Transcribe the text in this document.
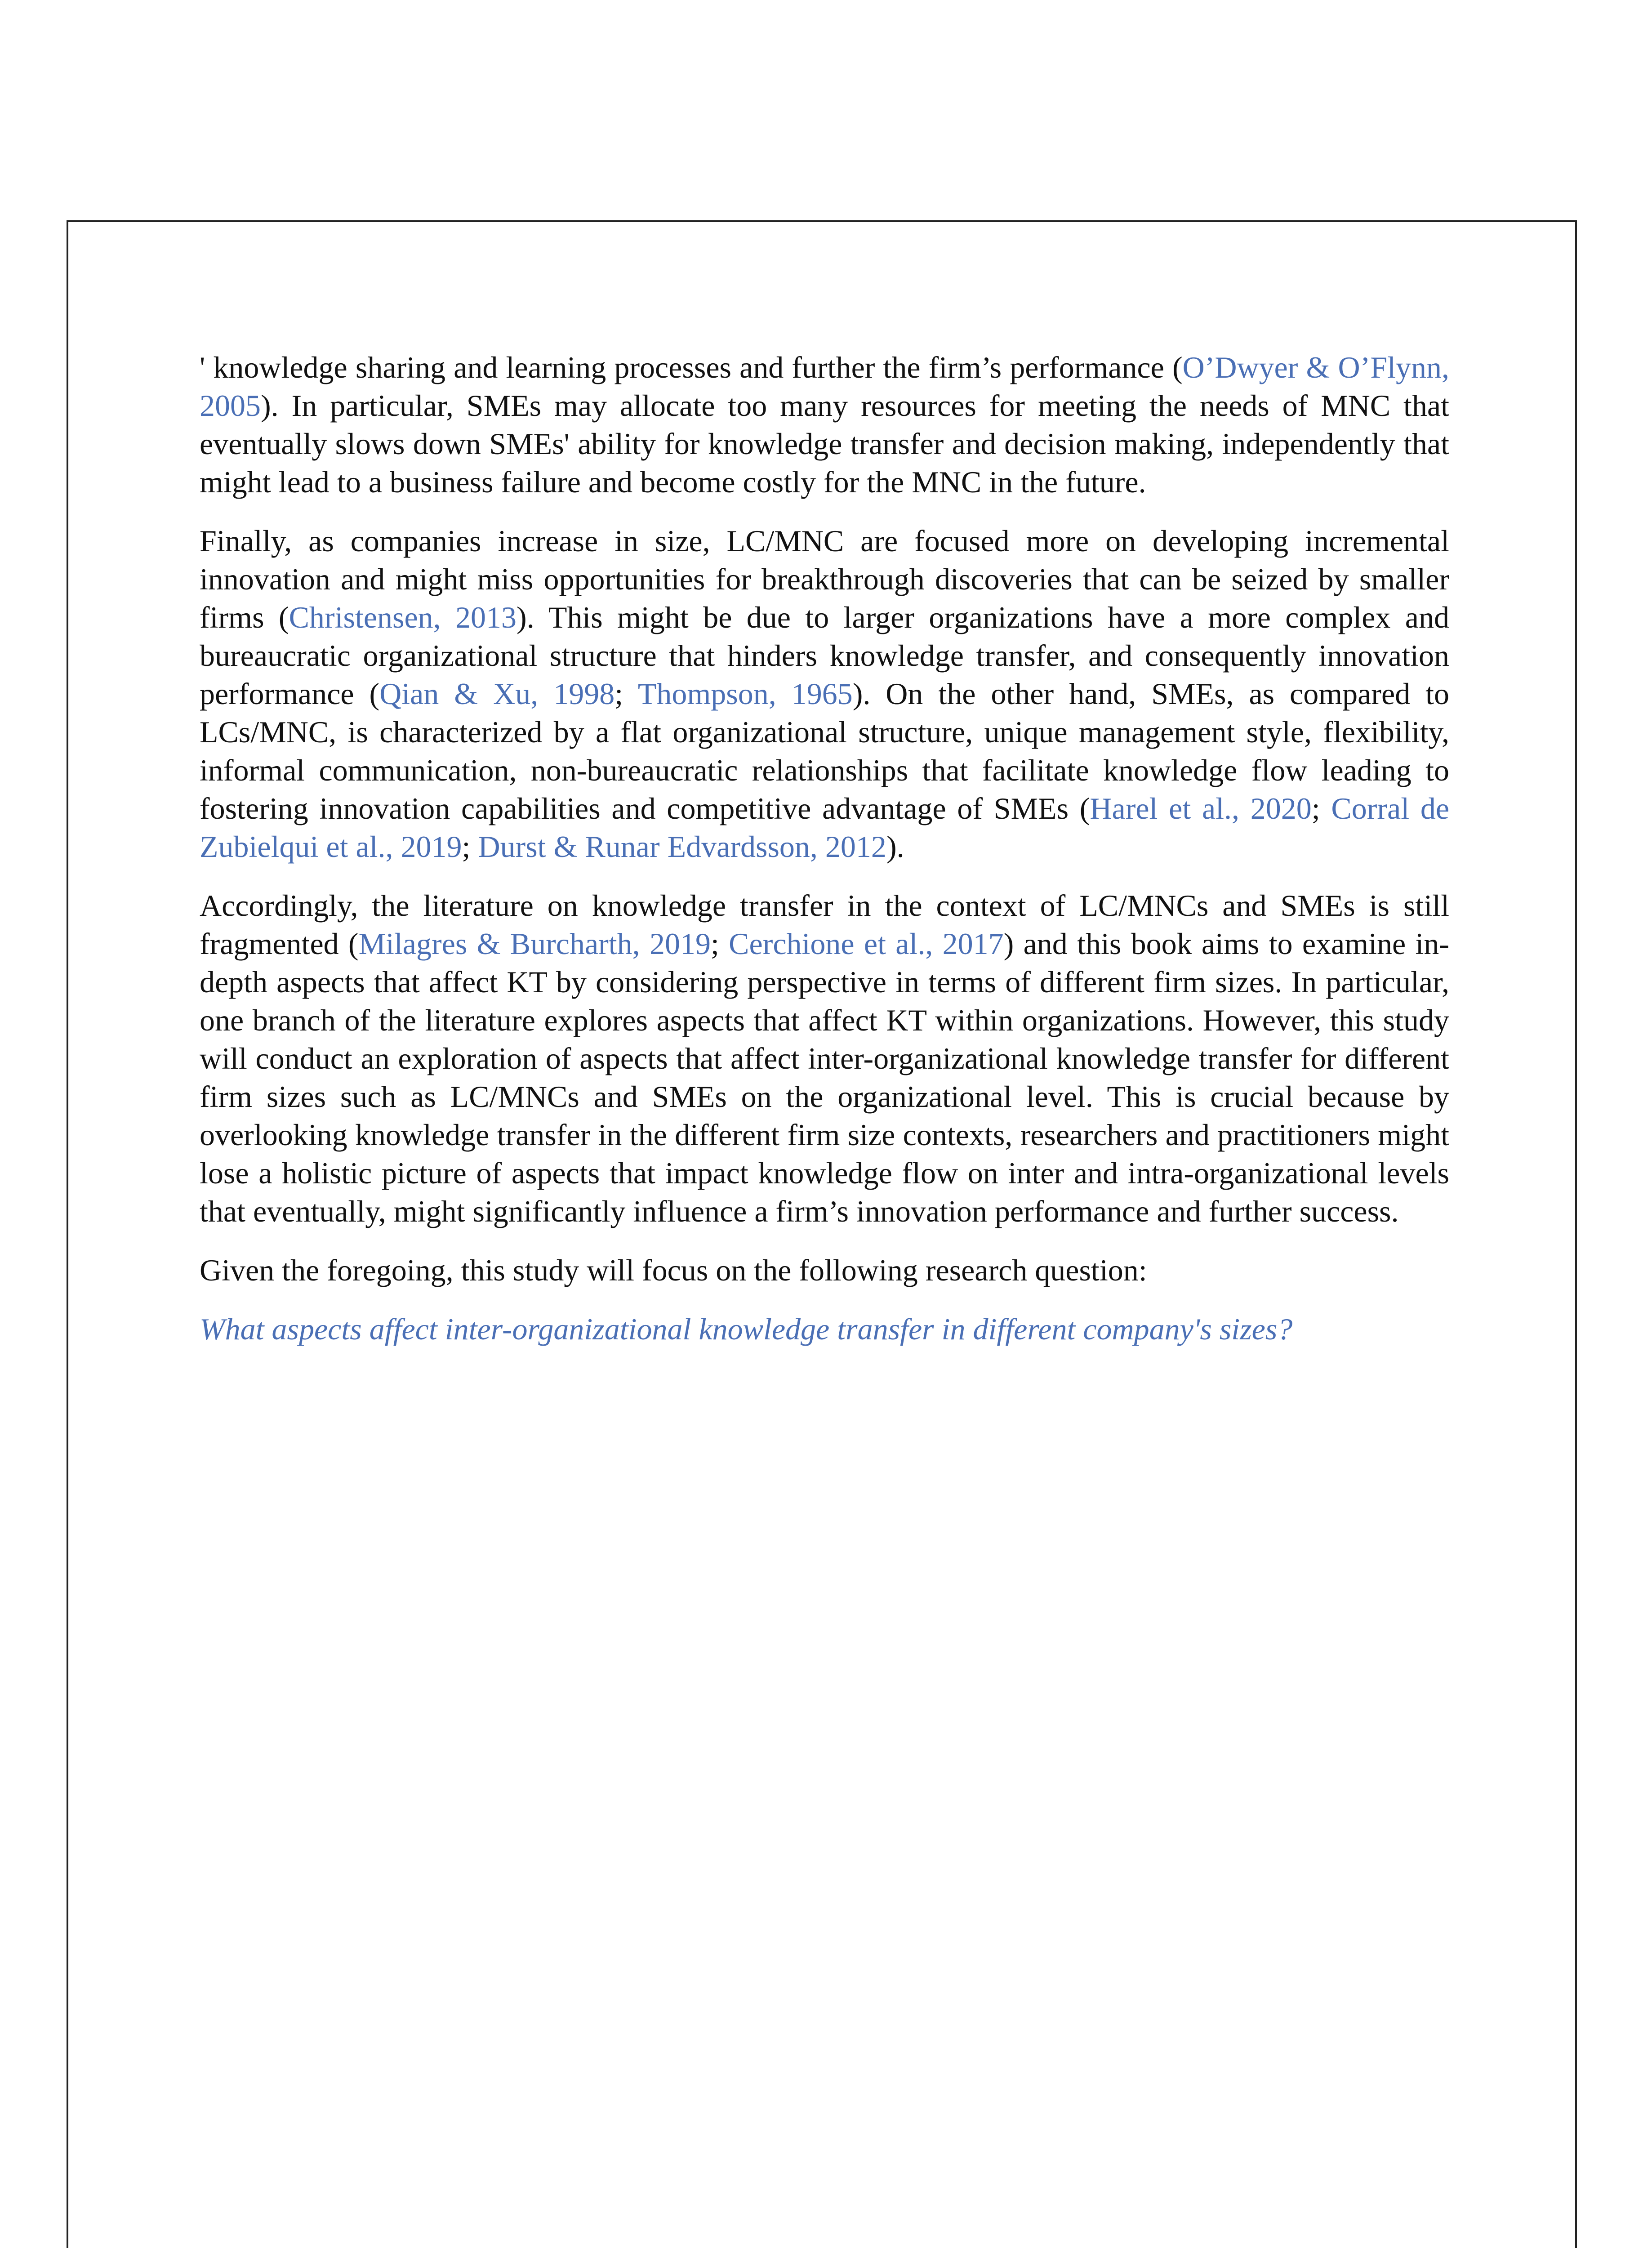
' knowledge sharing and learning processes and further the firm’s performance (O’Dwyer & O’Flynn, 2005). In particular, SMEs may allocate too many resources for meeting the needs of MNC that eventually slows down SMEs' ability for knowledge transfer and decision making, independently that might lead to a business failure and become costly for the MNC in the future.

Finally, as companies increase in size, LC/MNC are focused more on developing incremental innovation and might miss opportunities for breakthrough discoveries that can be seized by smaller firms (Christensen, 2013). This might be due to larger organizations have a more complex and bureaucratic organizational structure that hinders knowledge transfer, and consequently innovation performance (Qian & Xu, 1998; Thompson, 1965). On the other hand, SMEs, as compared to LCs/MNC, is characterized by a flat organizational structure, unique management style, flexibility, informal communication, non-bureaucratic relationships that facilitate knowledge flow leading to fostering innovation capabilities and competitive advantage of SMEs (Harel et al., 2020; Corral de Zubielqui et al., 2019; Durst & Runar Edvardsson, 2012).

Accordingly, the literature on knowledge transfer in the context of LC/MNCs and SMEs is still fragmented (Milagres & Burcharth, 2019; Cerchione et al., 2017) and this book aims to examine in-depth aspects that affect KT by considering perspective in terms of different firm sizes. In particular, one branch of the literature explores aspects that affect KT within organizations. However, this study will conduct an exploration of aspects that affect inter-organizational knowledge transfer for different firm sizes such as LC/MNCs and SMEs on the organizational level. This is crucial because by overlooking knowledge transfer in the different firm size contexts, researchers and practitioners might lose a holistic picture of aspects that impact knowledge flow on inter and intra-organizational levels that eventually, might significantly influence a firm’s innovation performance and further success.

Given the foregoing, this study will focus on the following research question:

What aspects affect inter-organizational knowledge transfer in different company's sizes?
